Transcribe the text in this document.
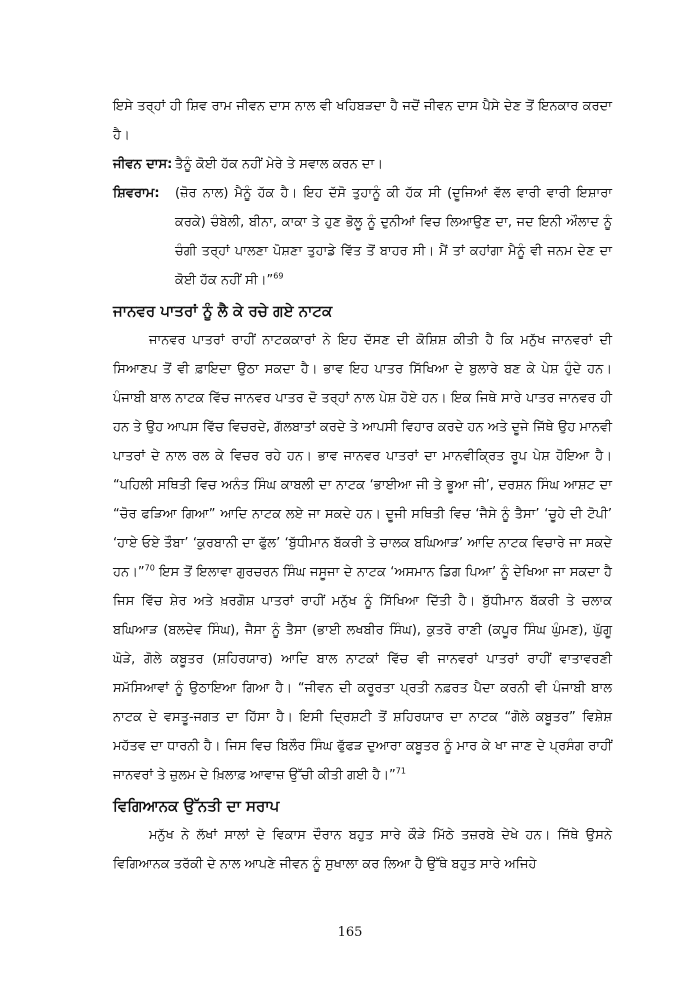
ਇਸੇ ਤਰ੍ਹਾਂ ਹੀ ਸ਼ਿਵ ਰਾਮ ਜੀਵਨ ਦਾਸ ਨਾਲ ਵੀ ਖਹਿਬੜਦਾ ਹੈ ਜਦੋਂ ਜੀਵਨ ਦਾਸ ਪੈਸੇ ਦੇਣ ਤੋਂ ਇਨਕਾਰ ਕਰਦਾ ਹੈ।

ਜੀਵਨ ਦਾਸ: ਤੈਨੂੰ ਕੋਈ ਹੱਕ ਨਹੀਂ ਮੇਰੇ ਤੇ ਸਵਾਲ ਕਰਨ ਦਾ।
ਸ਼ਿਵਰਾਮ:	(ਜ਼ੋਰ ਨਾਲ) ਮੈਨੂੰ ਹੱਕ ਹੈ। ਇਹ ਦੱਸੋ ਤੁਹਾਨੂੰ ਕੀ ਹੱਕ ਸੀ (ਦੂਜਿਆਂ ਵੱਲ ਵਾਰੀ ਵਾਰੀ ਇਸ਼ਾਰਾ ਕਰਕੇ) ਚੰਬੇਲੀ, ਬੀਨਾ, ਕਾਕਾ ਤੇ ਹੁਣ ਭੋਲੂ ਨੂੰ ਦੁਨੀਆਂ ਵਿਚ ਲਿਆਉਣ ਦਾ, ਜਦ ਇਨੀ ਔਲਾਦ ਨੂੰ ਚੰਗੀ ਤਰ੍ਹਾਂ ਪਾਲਣਾ ਪੋਸ਼ਣਾ ਤੁਹਾਡੇ ਵਿੱਤ ਤੋਂ ਬਾਹਰ ਸੀ। ਮੈਂ ਤਾਂ ਕਹਾਂਗਾ ਮੈਨੂੰ ਵੀ ਜਨਮ ਦੇਣ ਦਾ ਕੋਈ ਹੱਕ ਨਹੀਂ ਸੀ।”$^{69}$
ਜਾਨਵਰ ਪਾਤਰਾਂ ਨੂੰ ਲੈ ਕੇ ਰਚੇ ਗਏ ਨਾਟਕ

ਜਾਨਵਰ ਪਾਤਰਾਂ ਰਾਹੀਂ ਨਾਟਕਕਾਰਾਂ ਨੇ ਇਹ ਦੱਸਣ ਦੀ ਕੋਸ਼ਿਸ਼ ਕੀਤੀ ਹੈ ਕਿ ਮਨੁੱਖ ਜਾਨਵਰਾਂ ਦੀ ਸਿਆਣਪ ਤੋਂ ਵੀ ਫ਼ਾਇਦਾ ਉਠਾ ਸਕਦਾ ਹੈ। ਭਾਵ ਇਹ ਪਾਤਰ ਸਿੱਖਿਆ ਦੇ ਬੁਲਾਰੇ ਬਣ ਕੇ ਪੇਸ਼ ਹੁੰਦੇ ਹਨ। ਪੰਜਾਬੀ ਬਾਲ ਨਾਟਕ ਵਿੱਚ ਜਾਨਵਰ ਪਾਤਰ ਦੋ ਤਰ੍ਹਾਂ ਨਾਲ ਪੇਸ਼ ਹੋਏ ਹਨ। ਇਕ ਜਿਥੇ ਸਾਰੇ ਪਾਤਰ ਜਾਨਵਰ ਹੀ ਹਨ ਤੇ ਉਹ ਆਪਸ ਵਿੱਚ ਵਿਚਰਦੇ, ਗੱਲਬਾਤਾਂ ਕਰਦੇ ਤੇ ਆਪਸੀ ਵਿਹਾਰ ਕਰਦੇ ਹਨ ਅਤੇ ਦੂਜੇ ਜਿੱਥੇ ਉਹ ਮਾਨਵੀ ਪਾਤਰਾਂ ਦੇ ਨਾਲ ਰਲ ਕੇ ਵਿਚਰ ਰਹੇ ਹਨ। ਭਾਵ ਜਾਨਵਰ ਪਾਤਰਾਂ ਦਾ ਮਾਨਵੀਕ੍ਰਿਤ ਰੂਪ ਪੇਸ਼ ਹੋਇਆ ਹੈ। “ਪਹਿਲੀ ਸਥਿਤੀ ਵਿਚ ਅਨੰਤ ਸਿੰਘ ਕਾਬਲੀ ਦਾ ਨਾਟਕ ‘ਭਾਈਆ ਜੀ ਤੇ ਭੂਆ ਜੀ’, ਦਰਸ਼ਨ ਸਿੰਘ ਆਸ਼ਟ ਦਾ “ਚੋਰ ਫੜਿਆ ਗਿਆ” ਆਦਿ ਨਾਟਕ ਲਏ ਜਾ ਸਕਦੇ ਹਨ। ਦੂਜੀ ਸਥਿਤੀ ਵਿਚ ‘ਜੈਸੇ ਨੂੰ ਤੈਸਾ’ ‘ਚੂਹੇ ਦੀ ਟੋਪੀ’ ‘ਹਾਏ ਓਏ ਤੌਬਾ’ ‘ਕੁਰਬਾਨੀ ਦਾ ਫੁੱਲ’ ‘ਬੁੱਧੀਮਾਨ ਬੱਕਰੀ ਤੇ ਚਾਲਕ ਬਘਿਆੜ’ ਆਦਿ ਨਾਟਕ ਵਿਚਾਰੇ ਜਾ ਸਕਦੇ ਹਨ।”$^{70}$ ਇਸ ਤੋਂ ਇਲਾਵਾ ਗੁਰਚਰਨ ਸਿੰਘ ਜਸੂਜਾ ਦੇ ਨਾਟਕ ‘ਅਸਮਾਨ ਡਿਗ ਪਿਆ’ ਨੂੰ ਦੇਖਿਆ ਜਾ ਸਕਦਾ ਹੈ ਜਿਸ ਵਿੱਚ ਸ਼ੇਰ ਅਤੇ ਖ਼ਰਗੋਸ਼ ਪਾਤਰਾਂ ਰਾਹੀਂ ਮਨੁੱਖ ਨੂੰ ਸਿੱਖਿਆ ਦਿੱਤੀ ਹੈ। ਬੁੱਧੀਮਾਨ ਬੱਕਰੀ ਤੇ ਚਲਾਕ ਬਘਿਆੜ (ਬਲਦੇਵ ਸਿੰਘ), ਜੈਸਾ ਨੂੰ ਤੈਸਾ (ਭਾਈ ਲਖਬੀਰ ਸਿੰਘ), ਕੁਤਰੋ ਰਾਣੀ (ਕਪੂਰ ਸਿੰਘ ਘੁੰਮਣ), ਘੁੱਗੂ ਘੋੜੇ, ਗੋਲੇ ਕਬੂਤਰ (ਸ਼ਹਿਰਯਾਰ) ਆਦਿ ਬਾਲ ਨਾਟਕਾਂ ਵਿੱਚ ਵੀ ਜਾਨਵਰਾਂ ਪਾਤਰਾਂ ਰਾਹੀਂ ਵਾਤਾਵਰਣੀ ਸਮੱਸਿਆਵਾਂ ਨੂੰ ਉਠਾਇਆ ਗਿਆ ਹੈ। “ਜੀਵਨ ਦੀ ਕਰੂਰਤਾ ਪ੍ਰਤੀ ਨਫ਼ਰਤ ਪੈਦਾ ਕਰਨੀ ਵੀ ਪੰਜਾਬੀ ਬਾਲ ਨਾਟਕ ਦੇ ਵਸਤੂ-ਜਗਤ ਦਾ ਹਿੱਸਾ ਹੈ। ਇਸੀ ਦ੍ਰਿਸ਼ਟੀ ਤੋਂ ਸ਼ਹਿਰਯਾਰ ਦਾ ਨਾਟਕ “ਗੋਲੇ ਕਬੂਤਰ” ਵਿਸ਼ੇਸ਼ ਮਹੱਤਵ ਦਾ ਧਾਰਨੀ ਹੈ। ਜਿਸ ਵਿਚ ਬਿਲੌਰ ਸਿੰਘ ਫੁੱਫੜ ਦੁਆਰਾ ਕਬੂਤਰ ਨੂੰ ਮਾਰ ਕੇ ਖਾ ਜਾਣ ਦੇ ਪ੍ਰਸੰਗ ਰਾਹੀਂ ਜਾਨਵਰਾਂ ਤੇ ਜ਼ੁਲਮ ਦੇ ਖ਼ਿਲਾਫ਼ ਆਵਾਜ਼ ਉੱਚੀ ਕੀਤੀ ਗਈ ਹੈ।”$^{71}$

ਵਿਗਿਆਨਕ ਉੱਨਤੀ ਦਾ ਸਰਾਪ

ਮਨੁੱਖ ਨੇ ਲੱਖਾਂ ਸਾਲਾਂ ਦੇ ਵਿਕਾਸ ਦੌਰਾਨ ਬਹੁਤ ਸਾਰੇ ਕੌੜੇ ਮਿੱਠੇ ਤਜ਼ਰਬੇ ਦੇਖੇ ਹਨ। ਜਿੱਥੇ ਉਸਨੇ ਵਿਗਿਆਨਕ ਤਰੱਕੀ ਦੇ ਨਾਲ ਆਪਣੇ ਜੀਵਨ ਨੂੰ ਸੁਖਾਲਾ ਕਰ ਲਿਆ ਹੈ ਉੱਥੇ ਬਹੁਤ ਸਾਰੇ ਅਜਿਹੇ

165
